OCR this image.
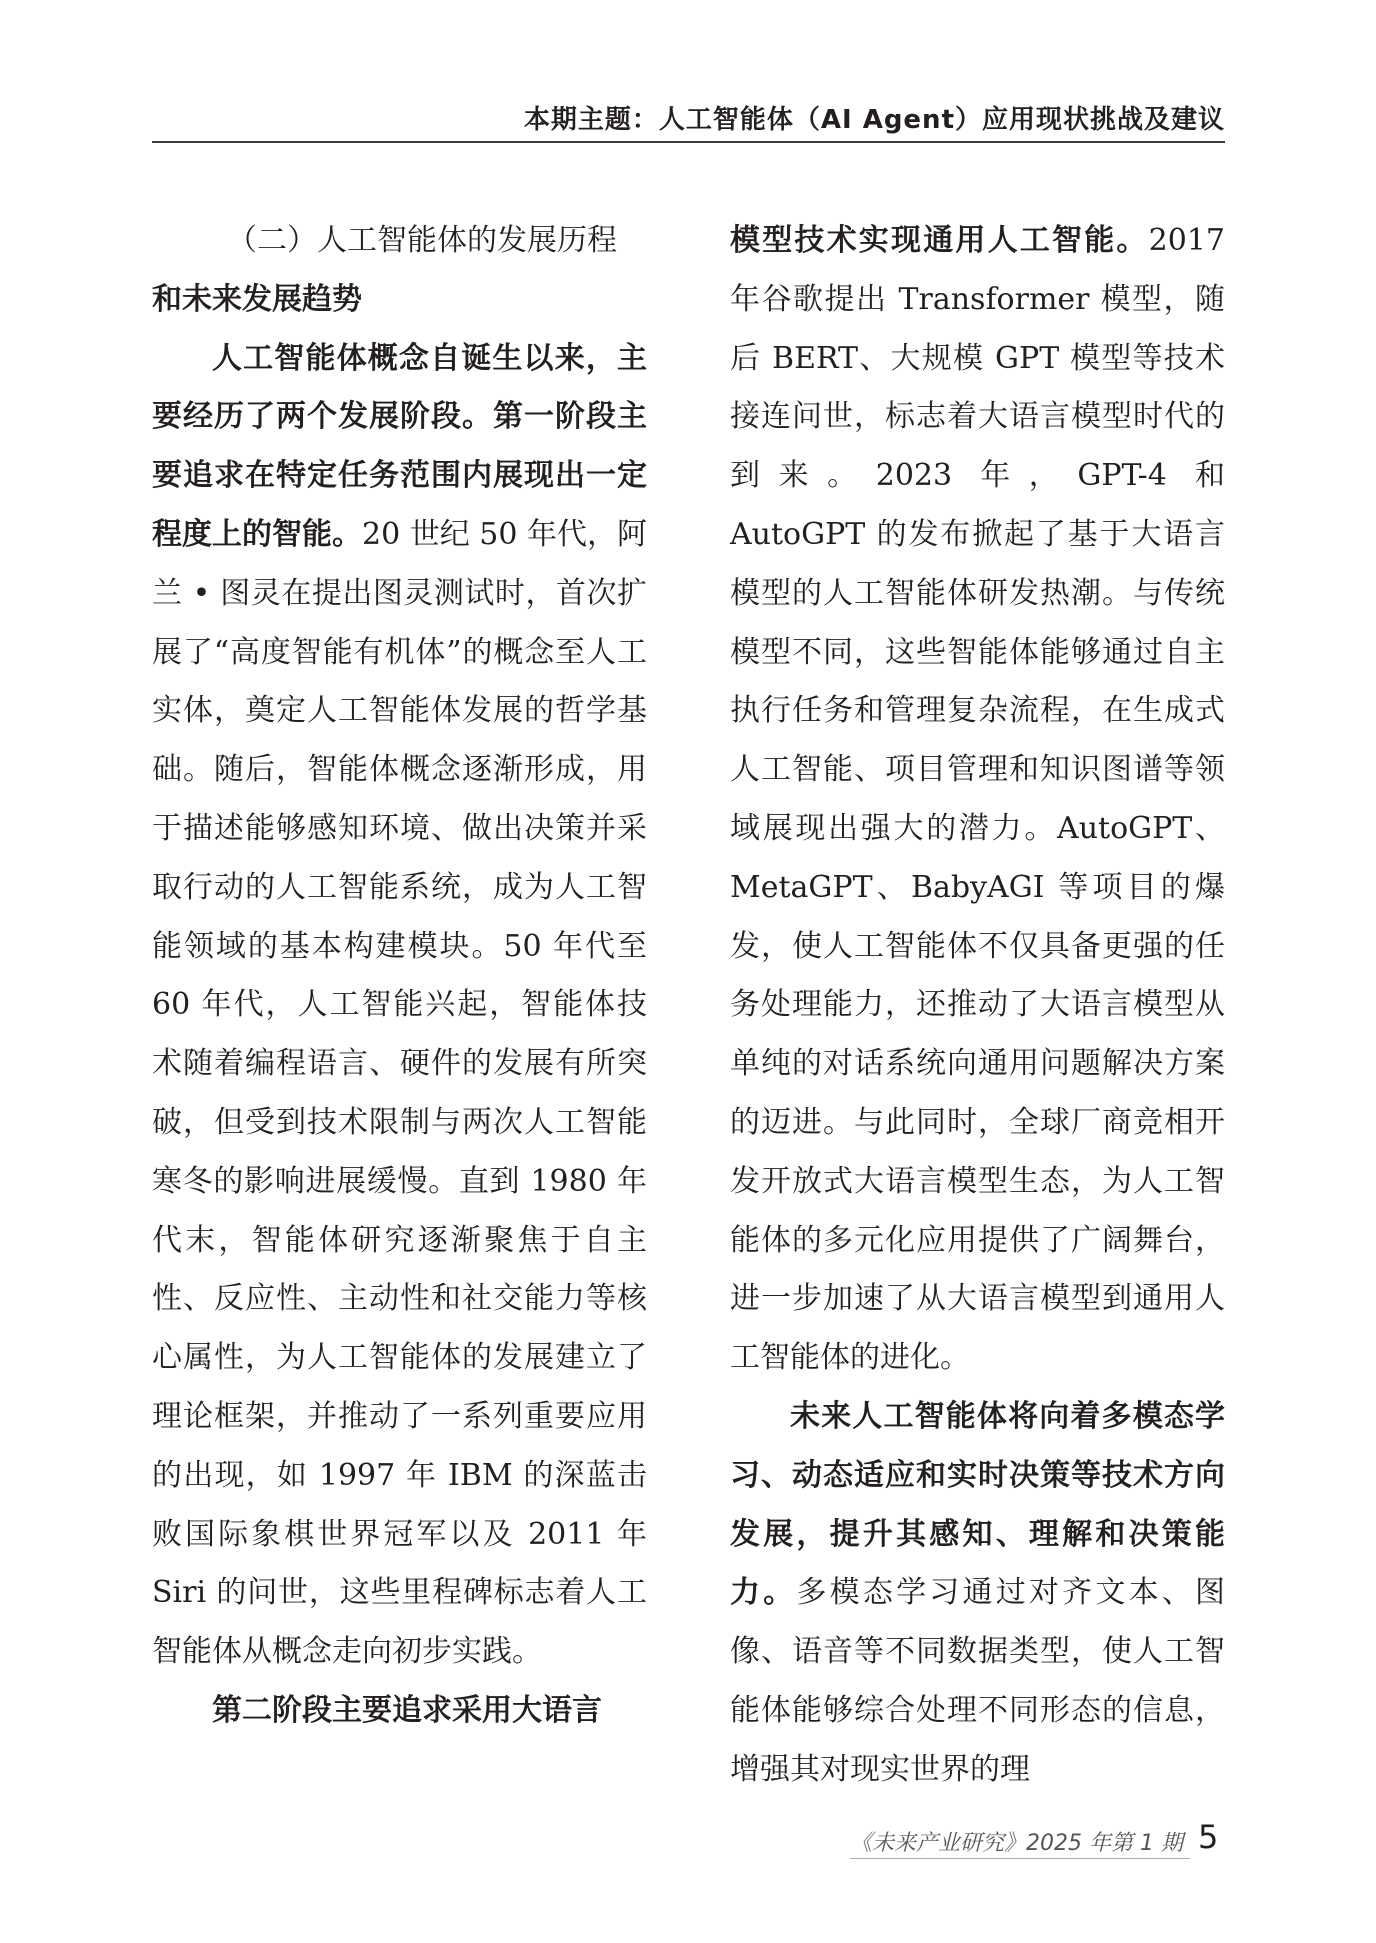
本期主题：人工智能体（AI Agent）应用现状挑战及建议

（二）人工智能体的发展历程

和未来发展趋势

人工智能体概念自诞生以来，主要经历了两个发展阶段。第一阶段主要追求在特定任务范围内展现出一定程度上的智能。20 世纪 50 年代，阿兰 • 图灵在提出图灵测试时，首次扩展了“高度智能有机体”的概念至人工实体，奠定人工智能体发展的哲学基础。随后，智能体概念逐渐形成，用于描述能够感知环境、做出决策并采取行动的人工智能系统，成为人工智能领域的基本构建模块。50 年代至 60 年代，人工智能兴起，智能体技术随着编程语言、硬件的发展有所突破，但受到技术限制与两次人工智能寒冬的影响进展缓慢。直到 1980 年代末，智能体研究逐渐聚焦于自主性、反应性、主动性和社交能力等核心属性，为人工智能体的发展建立了理论框架，并推动了一系列重要应用的出现，如 1997 年 IBM 的深蓝击败国际象棋世界冠军以及 2011 年 Siri 的问世，这些里程碑标志着人工智能体从概念走向初步实践。

第二阶段主要追求采用大语言

模型技术实现通用人工智能。2017 年谷歌提出 Transformer 模型，随后 BERT、大规模 GPT 模型等技术接连问世，标志着大语言模型时代的到来。2023 年，GPT-4 和 AutoGPT 的发布掀起了基于大语言模型的人工智能体研发热潮。与传统模型不同，这些智能体能够通过自主执行任务和管理复杂流程，在生成式人工智能、项目管理和知识图谱等领域展现出强大的潜力。AutoGPT、MetaGPT、BabyAGI 等项目的爆发，使人工智能体不仅具备更强的任务处理能力，还推动了大语言模型从单纯的对话系统向通用问题解决方案的迈进。与此同时，全球厂商竞相开发开放式大语言模型生态，为人工智能体的多元化应用提供了广阔舞台，进一步加速了从大语言模型到通用人工智能体的进化。

未来人工智能体将向着多模态学习、动态适应和实时决策等技术方向发展，提升其感知、理解和决策能力。多模态学习通过对齐文本、图像、语音等不同数据类型，使人工智能体能够综合处理不同形态的信息，增强其对现实世界的理

《未来产业研究》2025 年第 1 期 5
